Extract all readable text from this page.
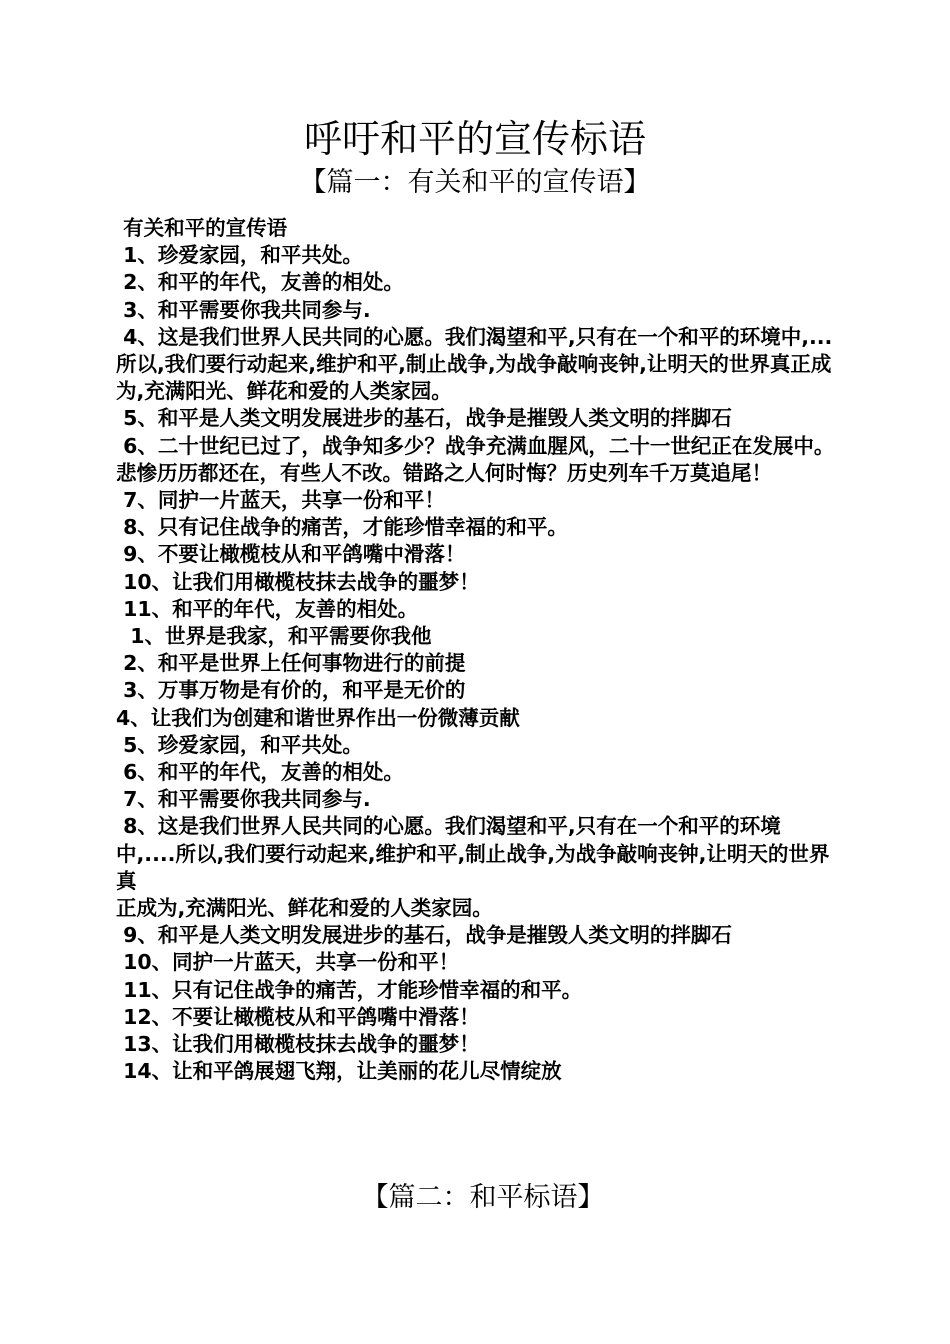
呼吁和平的宣传标语
【篇一：有关和平的宣传语】

有关和平的宣传语

1、珍爱家园，和平共处。

2、和平的年代，友善的相处。

3、和平需要你我共同参与.

4、这是我们世界人民共同的心愿。我们渴望和平,只有在一个和平的环境中,...所以,我们要行动起来,维护和平,制止战争,为战争敲响丧钟,让明天的世界真正成为,充满阳光、鲜花和爱的人类家园。

5、和平是人类文明发展进步的基石，战争是摧毁人类文明的拌脚石

6、二十世纪已过了，战争知多少？战争充满血腥风，二十一世纪正在发展中。悲惨历历都还在，有些人不改。错路之人何时悔？历史列车千万莫追尾！

7、同护一片蓝天，共享一份和平！

8、只有记住战争的痛苦，才能珍惜幸福的和平。

9、不要让橄榄枝从和平鸽嘴中滑落！

10、让我们用橄榄枝抹去战争的噩梦！

11、和平的年代，友善的相处。

1、世界是我家，和平需要你我他

2、和平是世界上任何事物进行的前提

3、万事万物是有价的，和平是无价的

4、让我们为创建和谐世界作出一份微薄贡献

5、珍爱家园，和平共处。

6、和平的年代，友善的相处。

7、和平需要你我共同参与.

8、这是我们世界人民共同的心愿。我们渴望和平,只有在一个和平的环境中,....所以,我们要行动起来,维护和平,制止战争,为战争敲响丧钟,让明天的世界真

正成为,充满阳光、鲜花和爱的人类家园。

9、和平是人类文明发展进步的基石，战争是摧毁人类文明的拌脚石

10、同护一片蓝天，共享一份和平！

11、只有记住战争的痛苦，才能珍惜幸福的和平。

12、不要让橄榄枝从和平鸽嘴中滑落！

13、让我们用橄榄枝抹去战争的噩梦！

14、让和平鸽展翅飞翔，让美丽的花儿尽情绽放

【篇二：和平标语】
